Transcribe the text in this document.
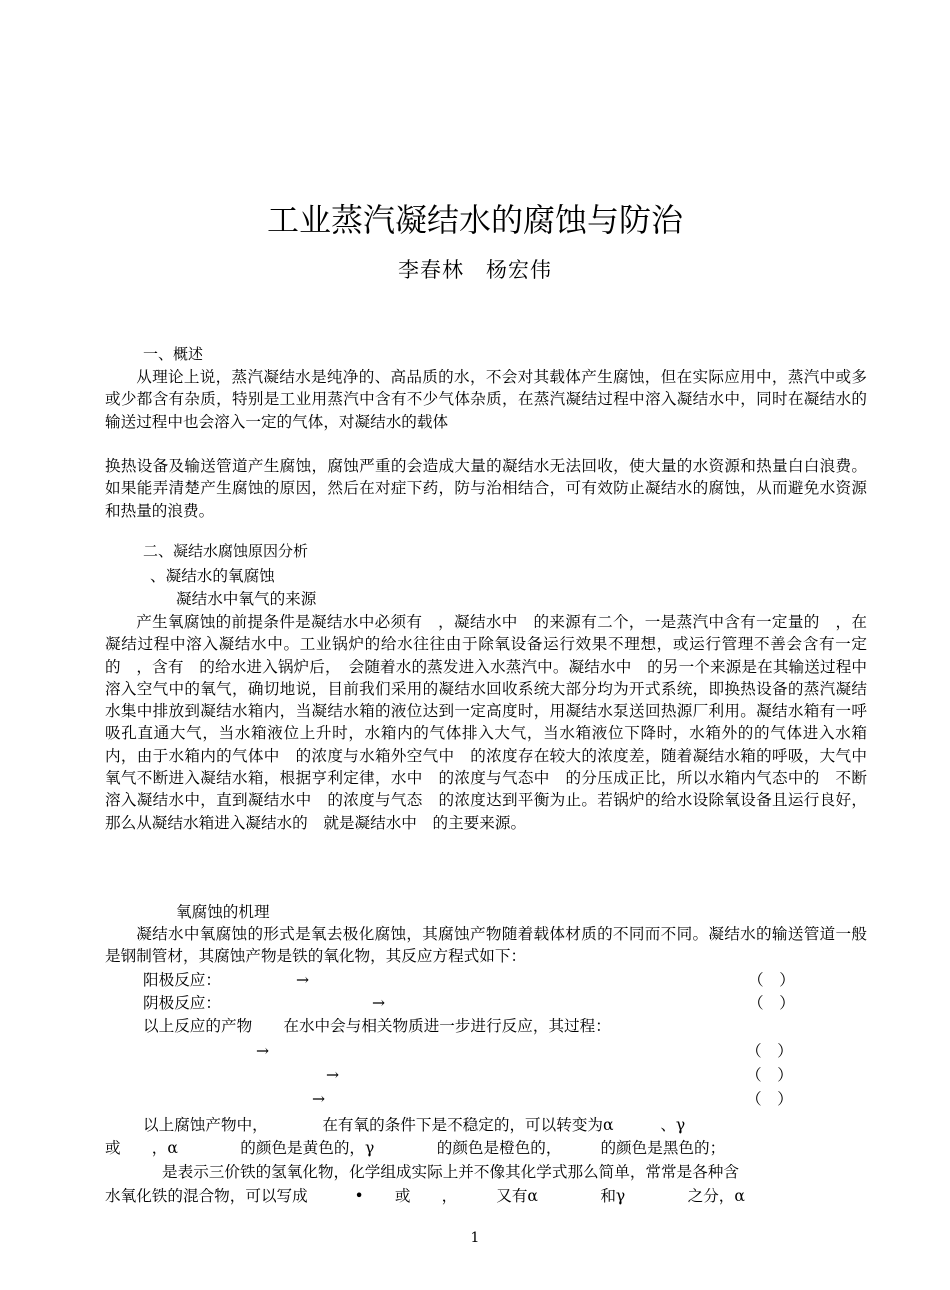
工业蒸汽凝结水的腐蚀与防治
李春林　杨宏伟
一、概述
从理论上说，蒸汽凝结水是纯净的、高品质的水，不会对其载体产生腐蚀，但在实际应用中，蒸汽中或多或少都含有杂质，特别是工业用蒸汽中含有不少气体杂质，在蒸汽凝结过程中溶入凝结水中，同时在凝结水的输送过程中也会溶入一定的气体，对凝结水的载体
换热设备及输送管道产生腐蚀，腐蚀严重的会造成大量的凝结水无法回收，使大量的水资源和热量白白浪费。如果能弄清楚产生腐蚀的原因，然后在对症下药，防与治相结合，可有效防止凝结水的腐蚀，从而避免水资源和热量的浪费。
二、凝结水腐蚀原因分析
、凝结水的氧腐蚀
凝结水中氧气的来源
产生氧腐蚀的前提条件是凝结水中必须有　，凝结水中　的来源有二个，一是蒸汽中含有一定量的　，在凝结过程中溶入凝结水中。工业锅炉的给水往往由于除氧设备运行效果不理想，或运行管理不善会含有一定的　，含有　的给水进入锅炉后，　会随着水的蒸发进入水蒸汽中。凝结水中　的另一个来源是在其输送过程中溶入空气中的氧气，确切地说，目前我们采用的凝结水回收系统大部分均为开式系统，即换热设备的蒸汽凝结水集中排放到凝结水箱内，当凝结水箱的液位达到一定高度时，用凝结水泵送回热源厂利用。凝结水箱有一呼吸孔直通大气，当水箱液位上升时，水箱内的气体排入大气，当水箱液位下降时，水箱外的的气体进入水箱内，由于水箱内的气体中　的浓度与水箱外空气中　的浓度存在较大的浓度差，随着凝结水箱的呼吸，大气中氧气不断进入凝结水箱，根据亨利定律，水中　的浓度与气态中　的分压成正比，所以水箱内气态中的　不断溶入凝结水中，直到凝结水中　的浓度与气态　的浓度达到平衡为止。若锅炉的给水设除氧设备且运行良好，那么从凝结水箱进入凝结水的　就是凝结水中　的主要来源。
氧腐蚀的机理
凝结水中氧腐蚀的形式是氧去极化腐蚀，其腐蚀产物随着载体材质的不同而不同。凝结水的输送管道一般是钢制管材，其腐蚀产物是铁的氧化物，其反应方程式如下：
阳极反应：	→	（　）
阴极反应：	→	（　）
以上反应的产物　　在水中会与相关物质进一步进行反应，其过程：
→	（　）
→	（　）
→	（　）
以上腐蚀产物中，　　　　在有氧的条件下是不稳定的，可以转变为α　　　、γ
或　　，α　　　　的颜色是黄色的，γ　　　　的颜色是橙色的，　　　的颜色是黑色的；
是表示三价铁的氢氧化物，化学组成实际上并不像其化学式那么简单，常常是各种含
水氧化铁的混合物，可以写成　　　•　　或　　，　　　又有α　　　　和γ　　　　之分，α
1
